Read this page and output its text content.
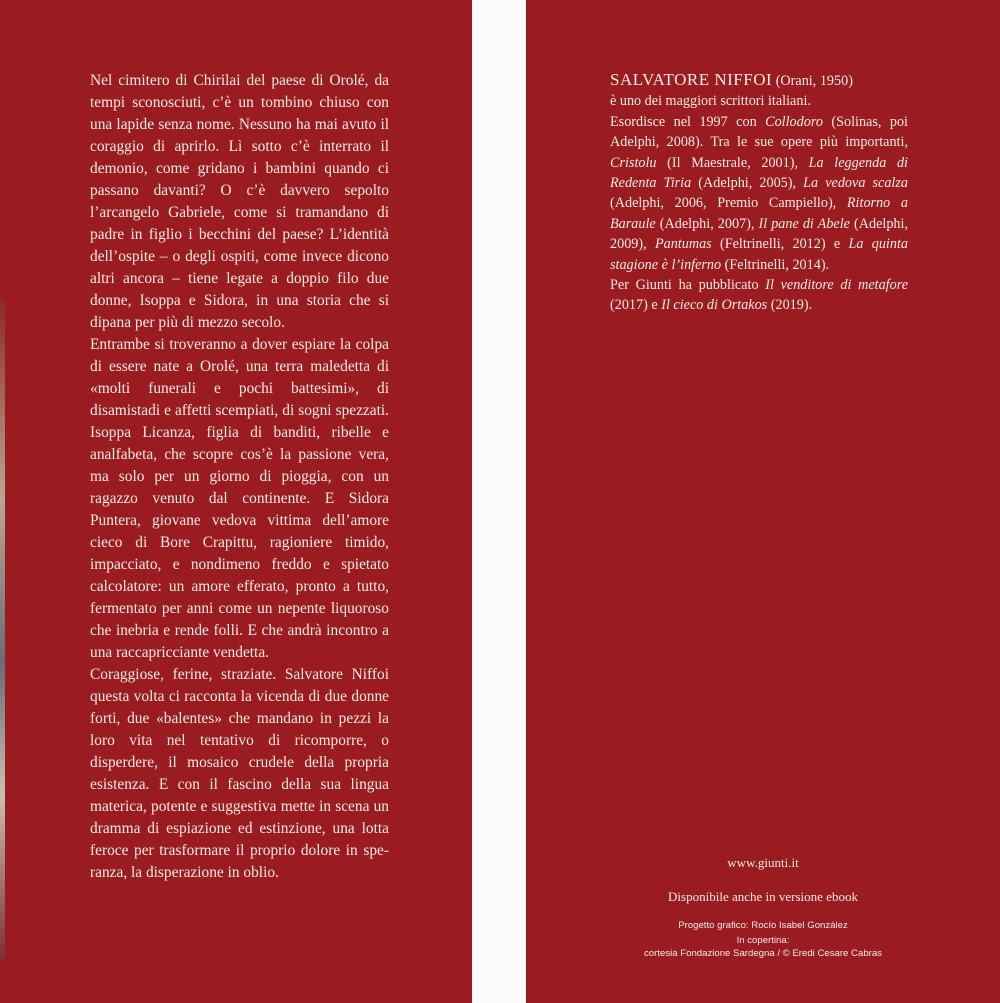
Nel cimitero di Chirilai del paese di Orolé, da tempi sconosciuti, c’è un tombino chiuso con una lapide senza nome. Nessuno ha mai avuto il coraggio di aprirlo. Lì sotto c’è interrato il demonio, come gridano i bambini quando ci passano davanti? O c’è davvero sepolto l’arcangelo Gabriele, come si tramandano di padre in figlio i becchini del paese? L’identità dell’ospite – o degli ospiti, come invece dicono altri ancora – tiene legate a doppio filo due donne, Isoppa e Sidora, in una storia che si dipana per più di mezzo secolo.

Entrambe si troveranno a dover espiare la colpa di essere nate a Orolé, una terra maledetta di «molti funerali e pochi battesimi», di disamistadi e affetti scempiati, di sogni spezzati. Isoppa Licanza, figlia di banditi, ribelle e analfabeta, che scopre cos’è la passione vera, ma solo per un giorno di pioggia, con un ragazzo venuto dal continente. E Sidora Puntera, giovane vedova vittima dell’amore cieco di Bore Crapittu, ragioniere timido, impacciato, e nondimeno freddo e spietato calcolatore: un amore efferato, pronto a tutto, fermentato per anni come un nepente liquoroso che inebria e rende folli. E che andrà incontro a una raccapricciante vendetta.

Coraggiose, ferine, straziate. Salvatore Niffoi questa volta ci racconta la vicenda di due donne forti, due «balentes» che mandano in pezzi la loro vita nel tentativo di ricomporre, o disperdere, il mosaico crudele della propria esistenza. E con il fascino della sua lingua materica, potente e suggestiva mette in scena un dramma di espiazione ed estinzione, una lotta feroce per trasformare il proprio dolore in speranza, la disperazione in oblio.

SALVATORE NIFFOI (Orani, 1950)
è uno dei maggiori scrittori italiani.

Esordisce nel 1997 con Collodoro (Solinas, poi Adelphi, 2008). Tra le sue opere più importanti, Cristolu (Il Maestrale, 2001), La leggenda di Redenta Tiria (Adelphi, 2005), La vedova scalza (Adelphi, 2006, Premio Campiello), Ritorno a Baraule (Adelphi, 2007), Il pane di Abele (Adelphi, 2009), Pantumas (Feltrinelli, 2012) e La quinta stagione è l’inferno (Feltrinelli, 2014).

Per Giunti ha pubblicato Il venditore di metafore (2017) e Il cieco di Ortakos (2019).

www.giunti.it
Disponibile anche in versione ebook
Progetto grafico: Rocío Isabel González
In copertina:
cortesia Fondazione Sardegna / © Eredi Cesare Cabras
